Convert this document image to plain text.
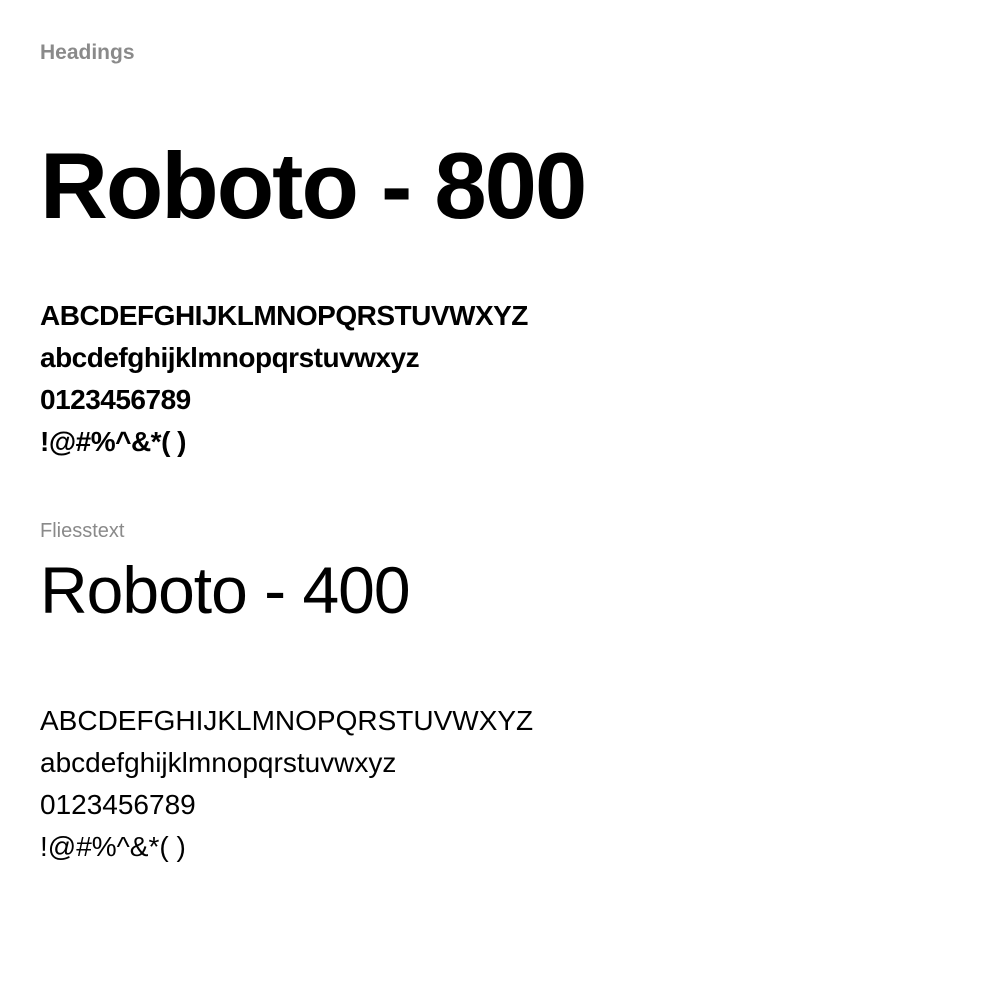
Headings
Roboto - 800
ABCDEFGHIJKLMNOPQRSTUVWXYZ
abcdefghijklmnopqrstuvwxyz
0123456789
!@#%^&*( )
Fliesstext
Roboto - 400
ABCDEFGHIJKLMNOPQRSTUVWXYZ
abcdefghijklmnopqrstuvwxyz
0123456789
!@#%^&*( )
